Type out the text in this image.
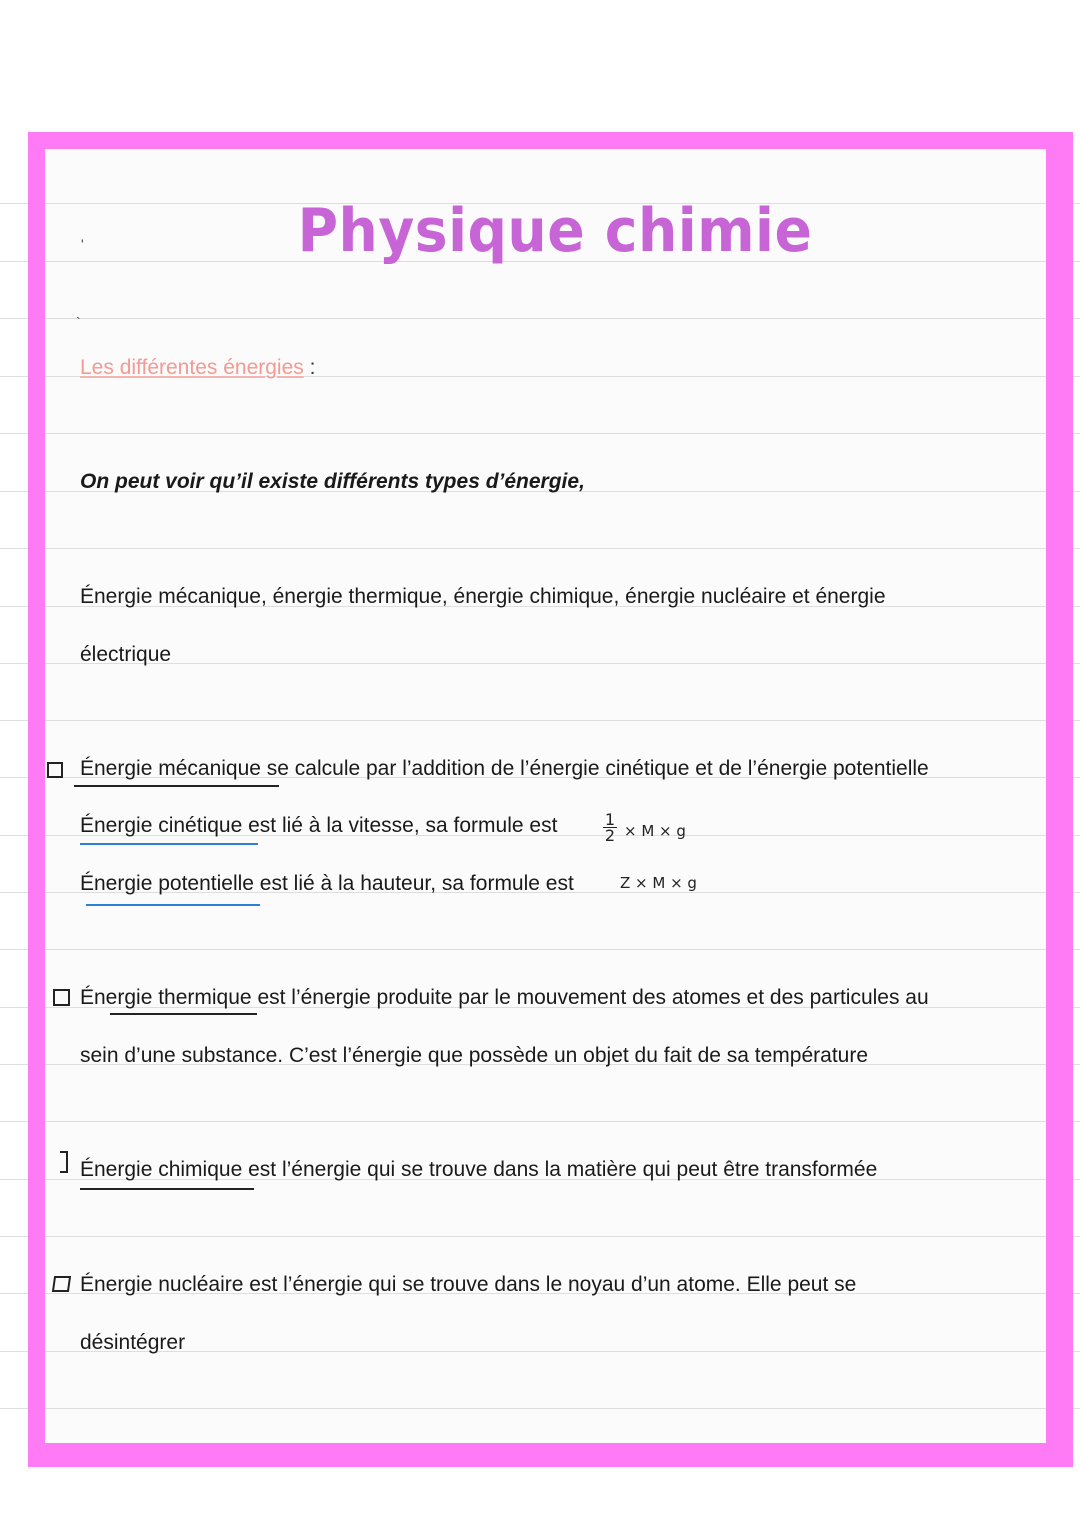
'
`
Physique chimie
Les différentes énergies :
On peut voir qu’il existe différents types d’énergie,
Énergie mécanique, énergie thermique, énergie chimique, énergie nucléaire et énergie
électrique
Énergie mécanique se calcule par l’addition de l’énergie cinétique et de l’énergie potentielle
Énergie cinétique est lié à la vitesse, sa formule est	$\frac{1}{2} \times M \times g$
Énergie potentielle est lié à la hauteur, sa formule est	Z × M × g
Énergie thermique est l’énergie produite par le mouvement des atomes et des particules au
sein d’une substance. C’est l’énergie que possède un objet du fait de sa température
Énergie chimique est l’énergie qui se trouve dans la matière qui peut être transformée
Énergie nucléaire est l’énergie qui se trouve dans le noyau d’un atome. Elle peut se
désintégrer
